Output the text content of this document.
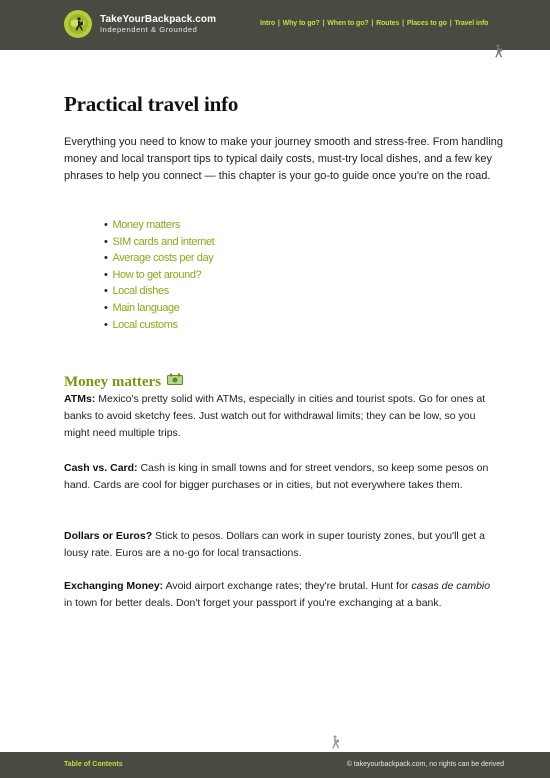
TakeYourBackpack.com
Independent & Grounded
Intro | Why to go? | When to go? | Routes | Places to go | Travel info
Practical travel info

Everything you need to know to make your journey smooth and stress-free. From handling money and local transport tips to typical daily costs, must-try local dishes, and a few key phrases to help you connect — this chapter is your go-to guide once you're on the road.

• Money matters
• SIM cards and internet
• Average costs per day
• How to get around?
• Local dishes
• Main language
• Local customs
Money matters

ATMs: Mexico's pretty solid with ATMs, especially in cities and tourist spots. Go for ones at banks to avoid sketchy fees. Just watch out for withdrawal limits; they can be low, so you might need multiple trips.

Cash vs. Card: Cash is king in small towns and for street vendors, so keep some pesos on hand. Cards are cool for bigger purchases or in cities, but not everywhere takes them.

Dollars or Euros? Stick to pesos. Dollars can work in super touristy zones, but you'll get a lousy rate. Euros are a no-go for local transactions.

Exchanging Money: Avoid airport exchange rates; they're brutal. Hunt for casas de cambio in town for better deals. Don't forget your passport if you're exchanging at a bank.

Table of Contents	© takeyourbackpack.com, no rights can be derived
